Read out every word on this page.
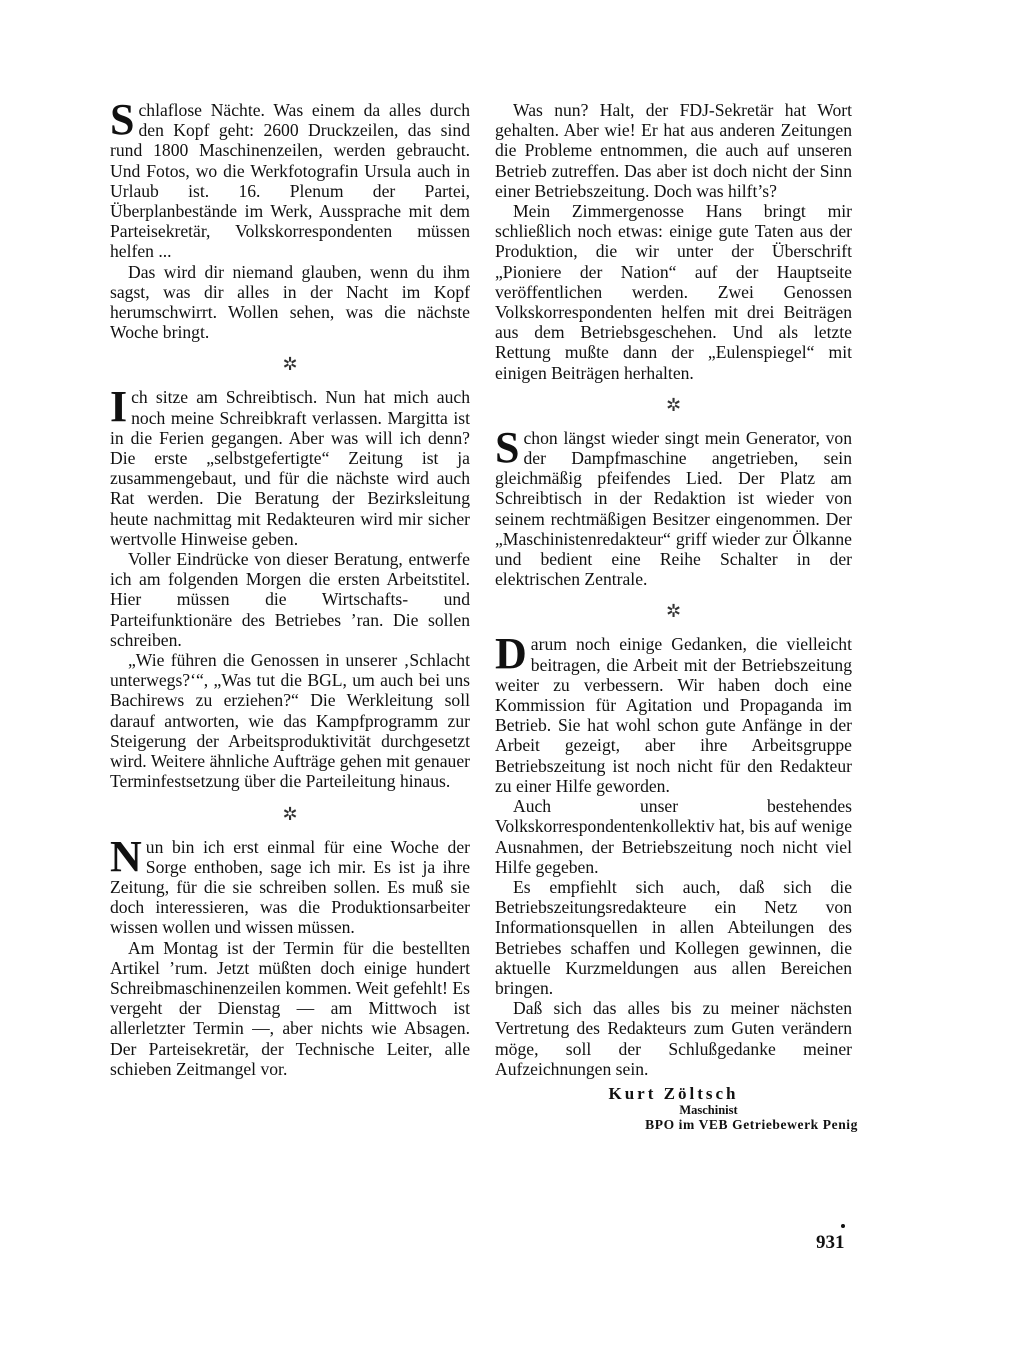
Schlaflose Nächte. Was einem da alles durch den Kopf geht: 2600 Druckzeilen, das sind rund 1800 Maschinenzeilen, werden gebraucht. Und Fotos, wo die Werkfotografin Ursula auch in Urlaub ist. 16. Plenum der Partei, Überplanbestände im Werk, Aussprache mit dem Parteisekretär, Volkskorrespondenten müssen helfen ...

Das wird dir niemand glauben, wenn du ihm sagst, was dir alles in der Nacht im Kopf herumschwirrt. Wollen sehen, was die nächste Woche bringt.

✲

Ich sitze am Schreibtisch. Nun hat mich auch noch meine Schreibkraft verlassen. Margitta ist in die Ferien gegangen. Aber was will ich denn? Die erste „selbstgefertigte“ Zeitung ist ja zusammengebaut, und für die nächste wird auch Rat werden. Die Beratung der Bezirksleitung heute nachmittag mit Redakteuren wird mir sicher wertvolle Hinweise geben.

Voller Eindrücke von dieser Beratung, entwerfe ich am folgenden Morgen die ersten Arbeitstitel. Hier müssen die Wirtschafts- und Parteifunktionäre des Betriebes ’ran. Die sollen schreiben.

„Wie führen die Genossen in unserer ‚Schlacht unterwegs?‘“, „Was tut die BGL, um auch bei uns Bachirews zu erziehen?“ Die Werkleitung soll darauf antworten, wie das Kampfprogramm zur Steigerung der Arbeitsproduktivität durchgesetzt wird. Weitere ähnliche Aufträge gehen mit genauer Terminfestsetzung über die Parteileitung hinaus.

✲

Nun bin ich erst einmal für eine Woche der Sorge enthoben, sage ich mir. Es ist ja ihre Zeitung, für die sie schreiben sollen. Es muß sie doch interessieren, was die Produktionsarbeiter wissen wollen und wissen müssen.

Am Montag ist der Termin für die bestellten Artikel ’rum. Jetzt müßten doch einige hundert Schreibmaschinenzeilen kommen. Weit gefehlt! Es vergeht der Dienstag — am Mittwoch ist allerletzter Termin —, aber nichts wie Absagen. Der Parteisekretär, der Technische Leiter, alle schieben Zeitmangel vor.

Was nun? Halt, der FDJ-Sekretär hat Wort gehalten. Aber wie! Er hat aus anderen Zeitungen die Probleme entnommen, die auch auf unseren Betrieb zutreffen. Das aber ist doch nicht der Sinn einer Betriebszeitung. Doch was hilft’s?

Mein Zimmergenosse Hans bringt mir schließlich noch etwas: einige gute Taten aus der Produktion, die wir unter der Überschrift „Pioniere der Nation“ auf der Hauptseite veröffentlichen werden. Zwei Genossen Volkskorrespondenten helfen mit drei Beiträgen aus dem Betriebsgeschehen. Und als letzte Rettung mußte dann der „Eulenspiegel“ mit einigen Beiträgen herhalten.

✲

Schon längst wieder singt mein Generator, von der Dampfmaschine angetrieben, sein gleichmäßig pfeifendes Lied. Der Platz am Schreibtisch in der Redaktion ist wieder von seinem rechtmäßigen Besitzer eingenommen. Der „Maschinistenredakteur“ griff wieder zur Ölkanne und bedient eine Reihe Schalter in der elektrischen Zentrale.

✲

Darum noch einige Gedanken, die vielleicht beitragen, die Arbeit mit der Betriebszeitung weiter zu verbessern. Wir haben doch eine Kommission für Agitation und Propaganda im Betrieb. Sie hat wohl schon gute Anfänge in der Arbeit gezeigt, aber ihre Arbeitsgruppe Betriebszeitung ist noch nicht für den Redakteur zu einer Hilfe geworden.

Auch unser bestehendes Volkskorrespondentenkollektiv hat, bis auf wenige Ausnahmen, der Betriebszeitung noch nicht viel Hilfe gegeben.

Es empfiehlt sich auch, daß sich die Betriebszeitungsredakteure ein Netz von Informationsquellen in allen Abteilungen des Betriebes schaffen und Kollegen gewinnen, die aktuelle Kurzmeldungen aus allen Bereichen bringen.

Daß sich das alles bis zu meiner nächsten Vertretung des Redakteurs zum Guten verändern möge, soll der Schlußgedanke meiner Aufzeichnungen sein.

Kurt Zöltsch
Maschinist
BPO im VEB Getriebewerk Penig
931
